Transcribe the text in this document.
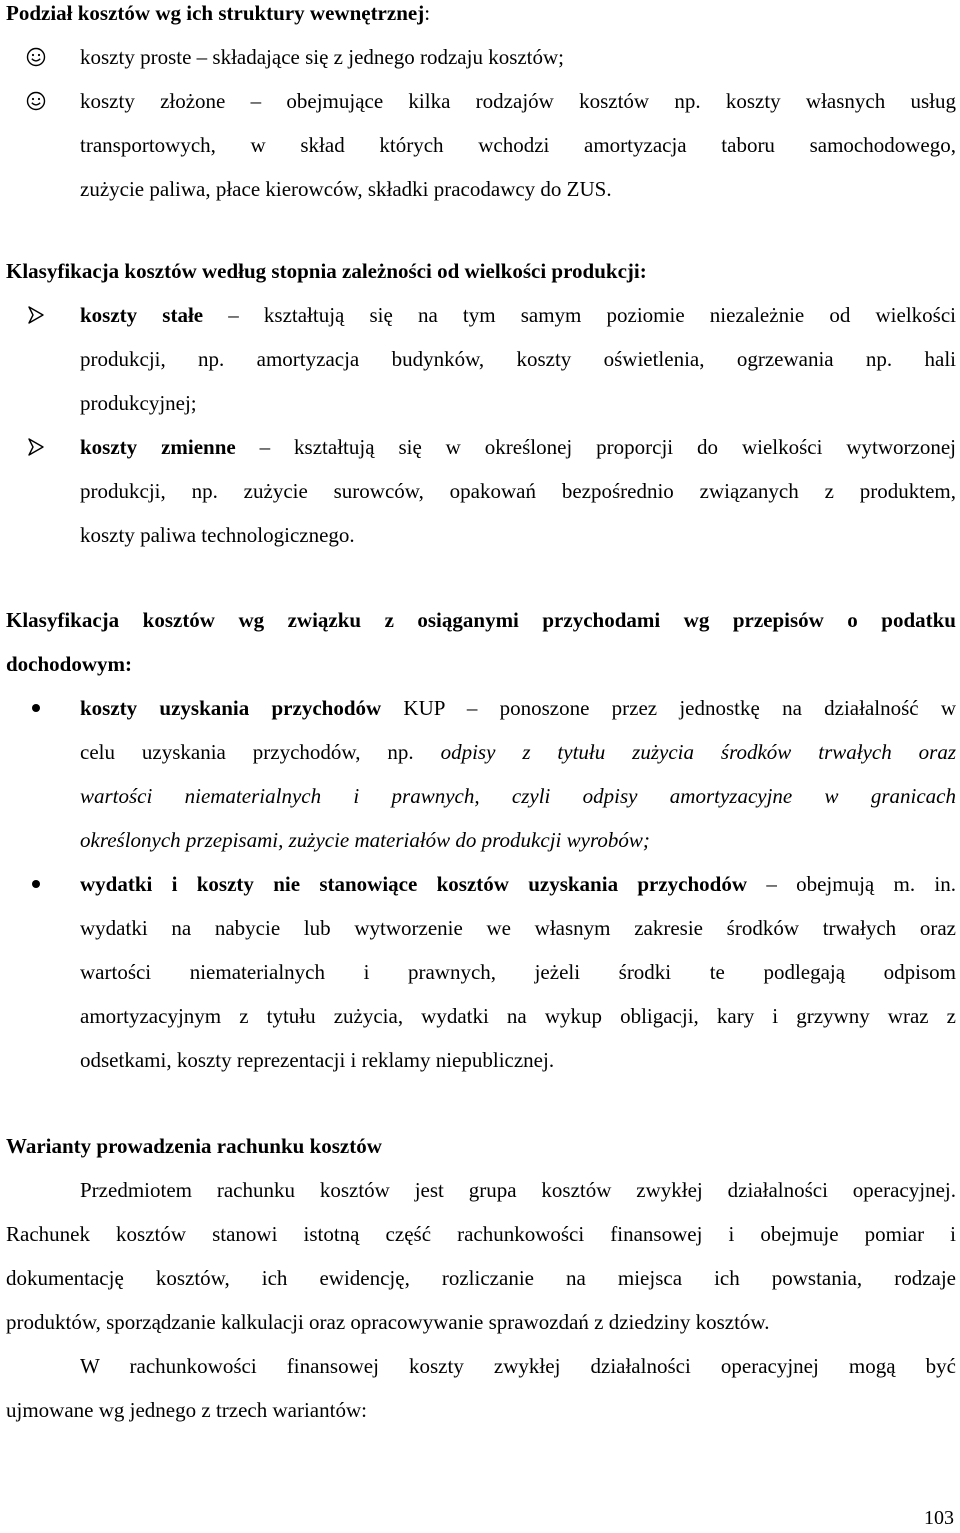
Podział kosztów wg ich struktury wewnętrznej:
koszty proste – składające się z jednego rodzaju kosztów;
koszty złożone – obejmujące kilka rodzajów kosztów np. koszty własnych usług
transportowych, w skład których wchodzi amortyzacja taboru samochodowego,
zużycie paliwa, płace kierowców, składki pracodawcy do ZUS.
Klasyfikacja kosztów według stopnia zależności od wielkości produkcji:
koszty stałe – kształtują się na tym samym poziomie niezależnie od wielkości
produkcji, np. amortyzacja budynków, koszty oświetlenia, ogrzewania np. hali
produkcyjnej;
koszty zmienne – kształtują się w określonej proporcji do wielkości wytworzonej
produkcji, np. zużycie surowców, opakowań bezpośrednio związanych z produktem,
koszty paliwa technologicznego.
Klasyfikacja kosztów wg związku z osiąganymi przychodami wg przepisów o podatku
dochodowym:
koszty uzyskania przychodów KUP – ponoszone przez jednostkę na działalność w
celu uzyskania przychodów, np. odpisy z tytułu zużycia środków trwałych oraz
wartości niematerialnych i prawnych, czyli odpisy amortyzacyjne w granicach
określonych przepisami, zużycie materiałów do produkcji wyrobów;
wydatki i koszty nie stanowiące kosztów uzyskania przychodów – obejmują m. in.
wydatki na nabycie lub wytworzenie we własnym zakresie środków trwałych oraz
wartości niematerialnych i prawnych, jeżeli środki te podlegają odpisom
amortyzacyjnym z tytułu zużycia, wydatki na wykup obligacji, kary i grzywny wraz z
odsetkami, koszty reprezentacji i reklamy niepublicznej.
Warianty prowadzenia rachunku kosztów
Przedmiotem rachunku kosztów jest grupa kosztów zwykłej działalności operacyjnej.
Rachunek kosztów stanowi istotną część rachunkowości finansowej i obejmuje pomiar i
dokumentację kosztów, ich ewidencję, rozliczanie na miejsca ich powstania, rodzaje
produktów, sporządzanie kalkulacji oraz opracowywanie sprawozdań z dziedziny kosztów.
W rachunkowości finansowej koszty zwykłej działalności operacyjnej mogą być
ujmowane wg jednego z trzech wariantów:
103
